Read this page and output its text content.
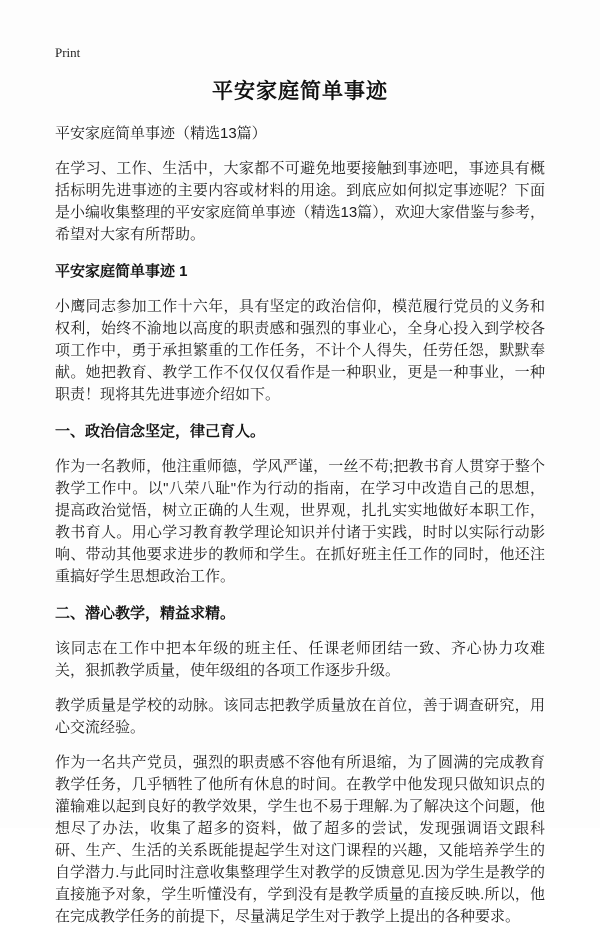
Print
平安家庭简单事迹

平安家庭简单事迹（精选13篇）

在学习、工作、生活中，大家都不可避免地要接触到事迹吧，事迹具有概括标明先进事迹的主要内容或材料的用途。到底应如何拟定事迹呢？下面是小编收集整理的平安家庭简单事迹（精选13篇），欢迎大家借鉴与参考，希望对大家有所帮助。

平安家庭简单事迹 1

小鹰同志参加工作十六年，具有坚定的政治信仰，模范履行党员的义务和权利，始终不渝地以高度的职责感和强烈的事业心，全身心投入到学校各项工作中，勇于承担繁重的工作任务，不计个人得失，任劳任怨，默默奉献。她把教育、教学工作不仅仅仅看作是一种职业，更是一种事业，一种职责！现将其先进事迹介绍如下。

一、政治信念坚定，律己育人。

作为一名教师，他注重师德，学风严谨，一丝不苟;把教书育人贯穿于整个教学工作中。以"八荣八耻"作为行动的指南，在学习中改造自己的思想，提高政治觉悟，树立正确的人生观，世界观，扎扎实实地做好本职工作，教书育人。用心学习教育教学理论知识并付诸于实践，时时以实际行动影响、带动其他要求进步的教师和学生。在抓好班主任工作的同时，他还注重搞好学生思想政治工作。

二、潜心教学，精益求精。

该同志在工作中把本年级的班主任、任课老师团结一致、齐心协力攻难关，狠抓教学质量，使年级组的各项工作逐步升级。

教学质量是学校的动脉。该同志把教学质量放在首位，善于调查研究，用心交流经验。

作为一名共产党员，强烈的职责感不容他有所退缩，为了圆满的完成教育教学任务，几乎牺牲了他所有休息的时间。在教学中他发现只做知识点的灌输难以起到良好的教学效果，学生也不易于理解.为了解决这个问题，他想尽了办法，收集了超多的资料，做了超多的尝试，发现强调语文跟科研、生产、生活的关系既能提起学生对这门课程的兴趣，又能培养学生的自学潜力.与此同时注意收集整理学生对教学的反馈意见.因为学生是教学的直接施予对象，学生听懂没有，学到没有是教学质量的直接反映.所以，他在完成教学任务的前提下，尽量满足学生对于教学上提出的各种要求。
